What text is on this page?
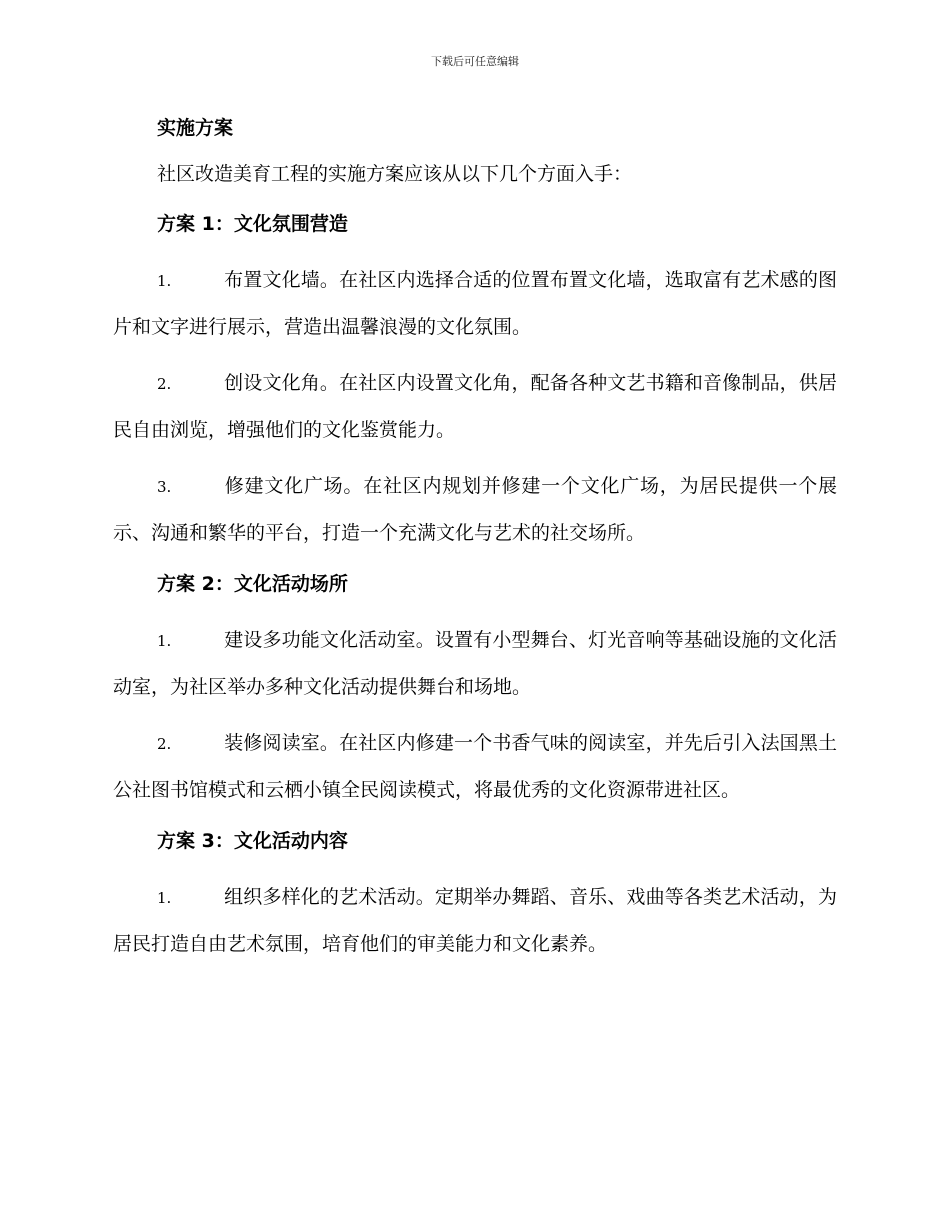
下载后可任意编辑
实施方案
社区改造美育工程的实施方案应该从以下几个方面入手：
方案 1：文化氛围营造
1.	布置文化墙。在社区内选择合适的位置布置文化墙，选取富有艺术感的图片和文字进行展示，营造出温馨浪漫的文化氛围。
2.	创设文化角。在社区内设置文化角，配备各种文艺书籍和音像制品，供居民自由浏览，增强他们的文化鉴赏能力。
3.	修建文化广场。在社区内规划并修建一个文化广场，为居民提供一个展示、沟通和繁华的平台，打造一个充满文化与艺术的社交场所。
方案 2：文化活动场所
1.	建设多功能文化活动室。设置有小型舞台、灯光音响等基础设施的文化活动室，为社区举办多种文化活动提供舞台和场地。
2.	装修阅读室。在社区内修建一个书香气味的阅读室，并先后引入法国黑土公社图书馆模式和云栖小镇全民阅读模式，将最优秀的文化资源带进社区。
方案 3：文化活动内容
1.	组织多样化的艺术活动。定期举办舞蹈、音乐、戏曲等各类艺术活动，为居民打造自由艺术氛围，培育他们的审美能力和文化素养。
